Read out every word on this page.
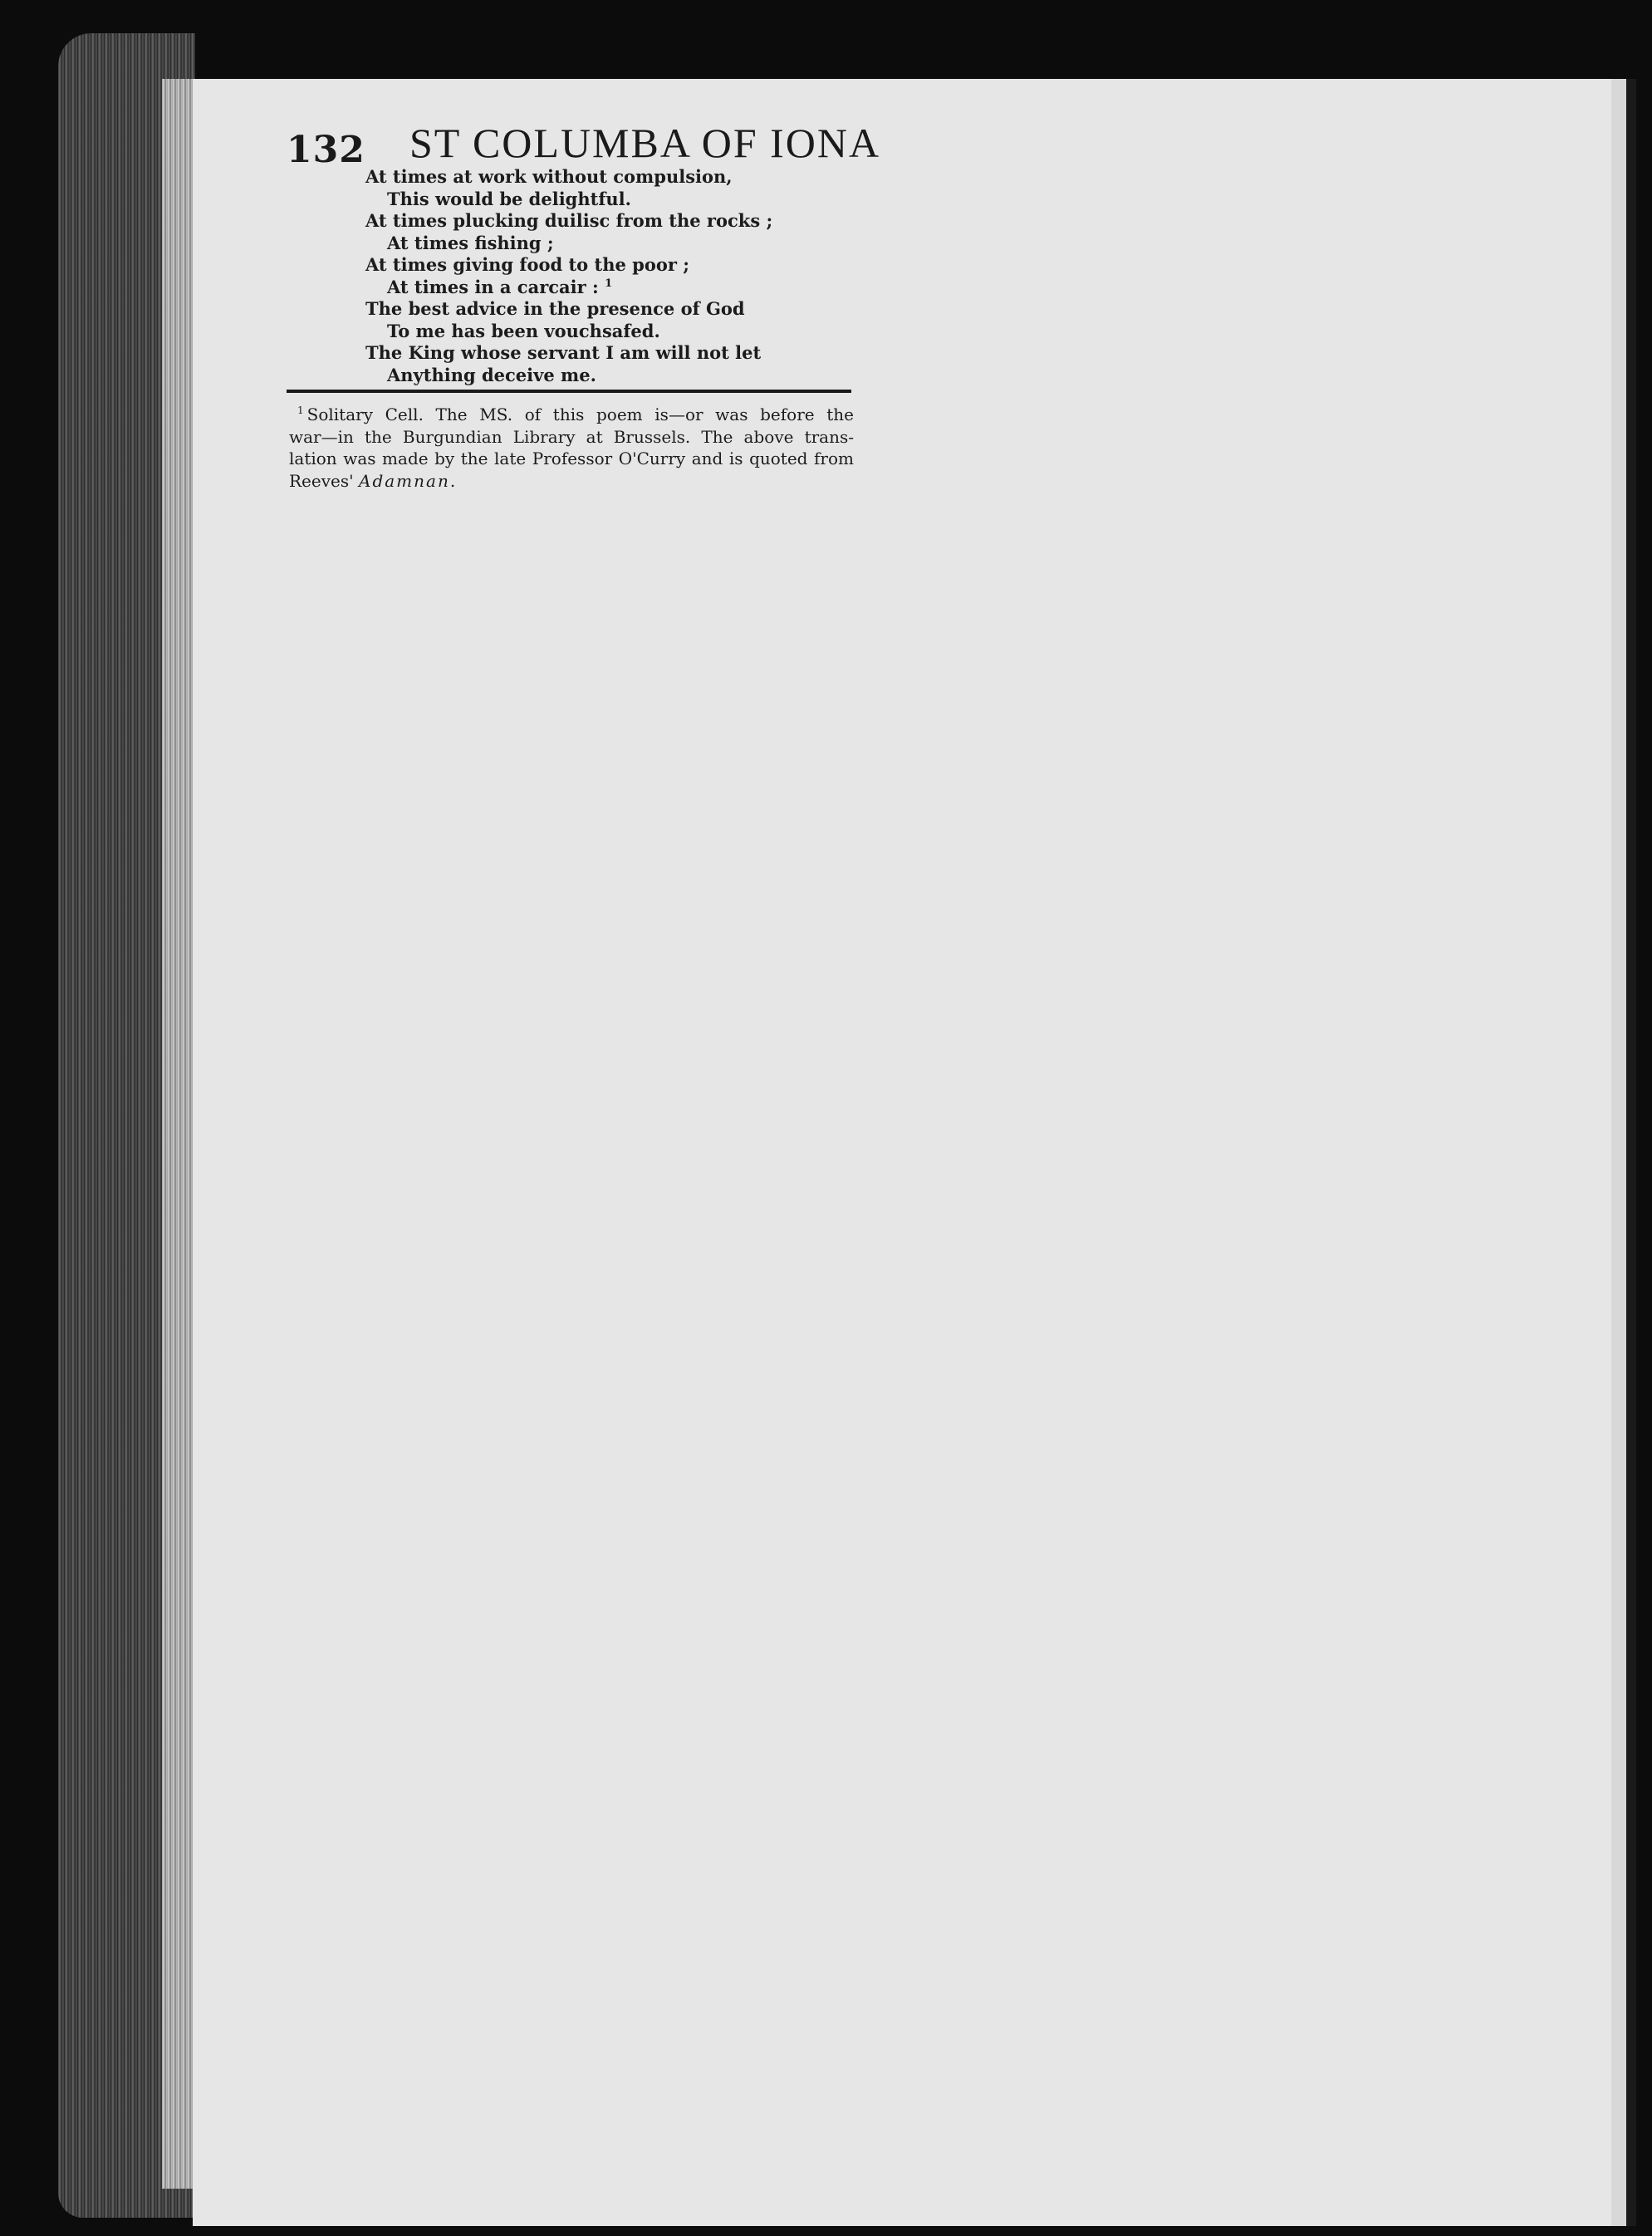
132 ST COLUMBA OF IONA
At times at work without compulsion,
This would be delightful.
At times plucking duilisc from the rocks ;
At times fishing ;
At times giving food to the poor ;
At times in a carcair : $^1$
The best advice in the presence of God
To me has been vouchsafed.
The King whose servant I am will not let
Anything deceive me.
$^1$ Solitary Cell. The MS. of this poem is—or was before the
war—in the Burgundian Library at Brussels. The above trans-
lation was made by the late Professor O'Curry and is quoted from
Reeves' Adamnan.
